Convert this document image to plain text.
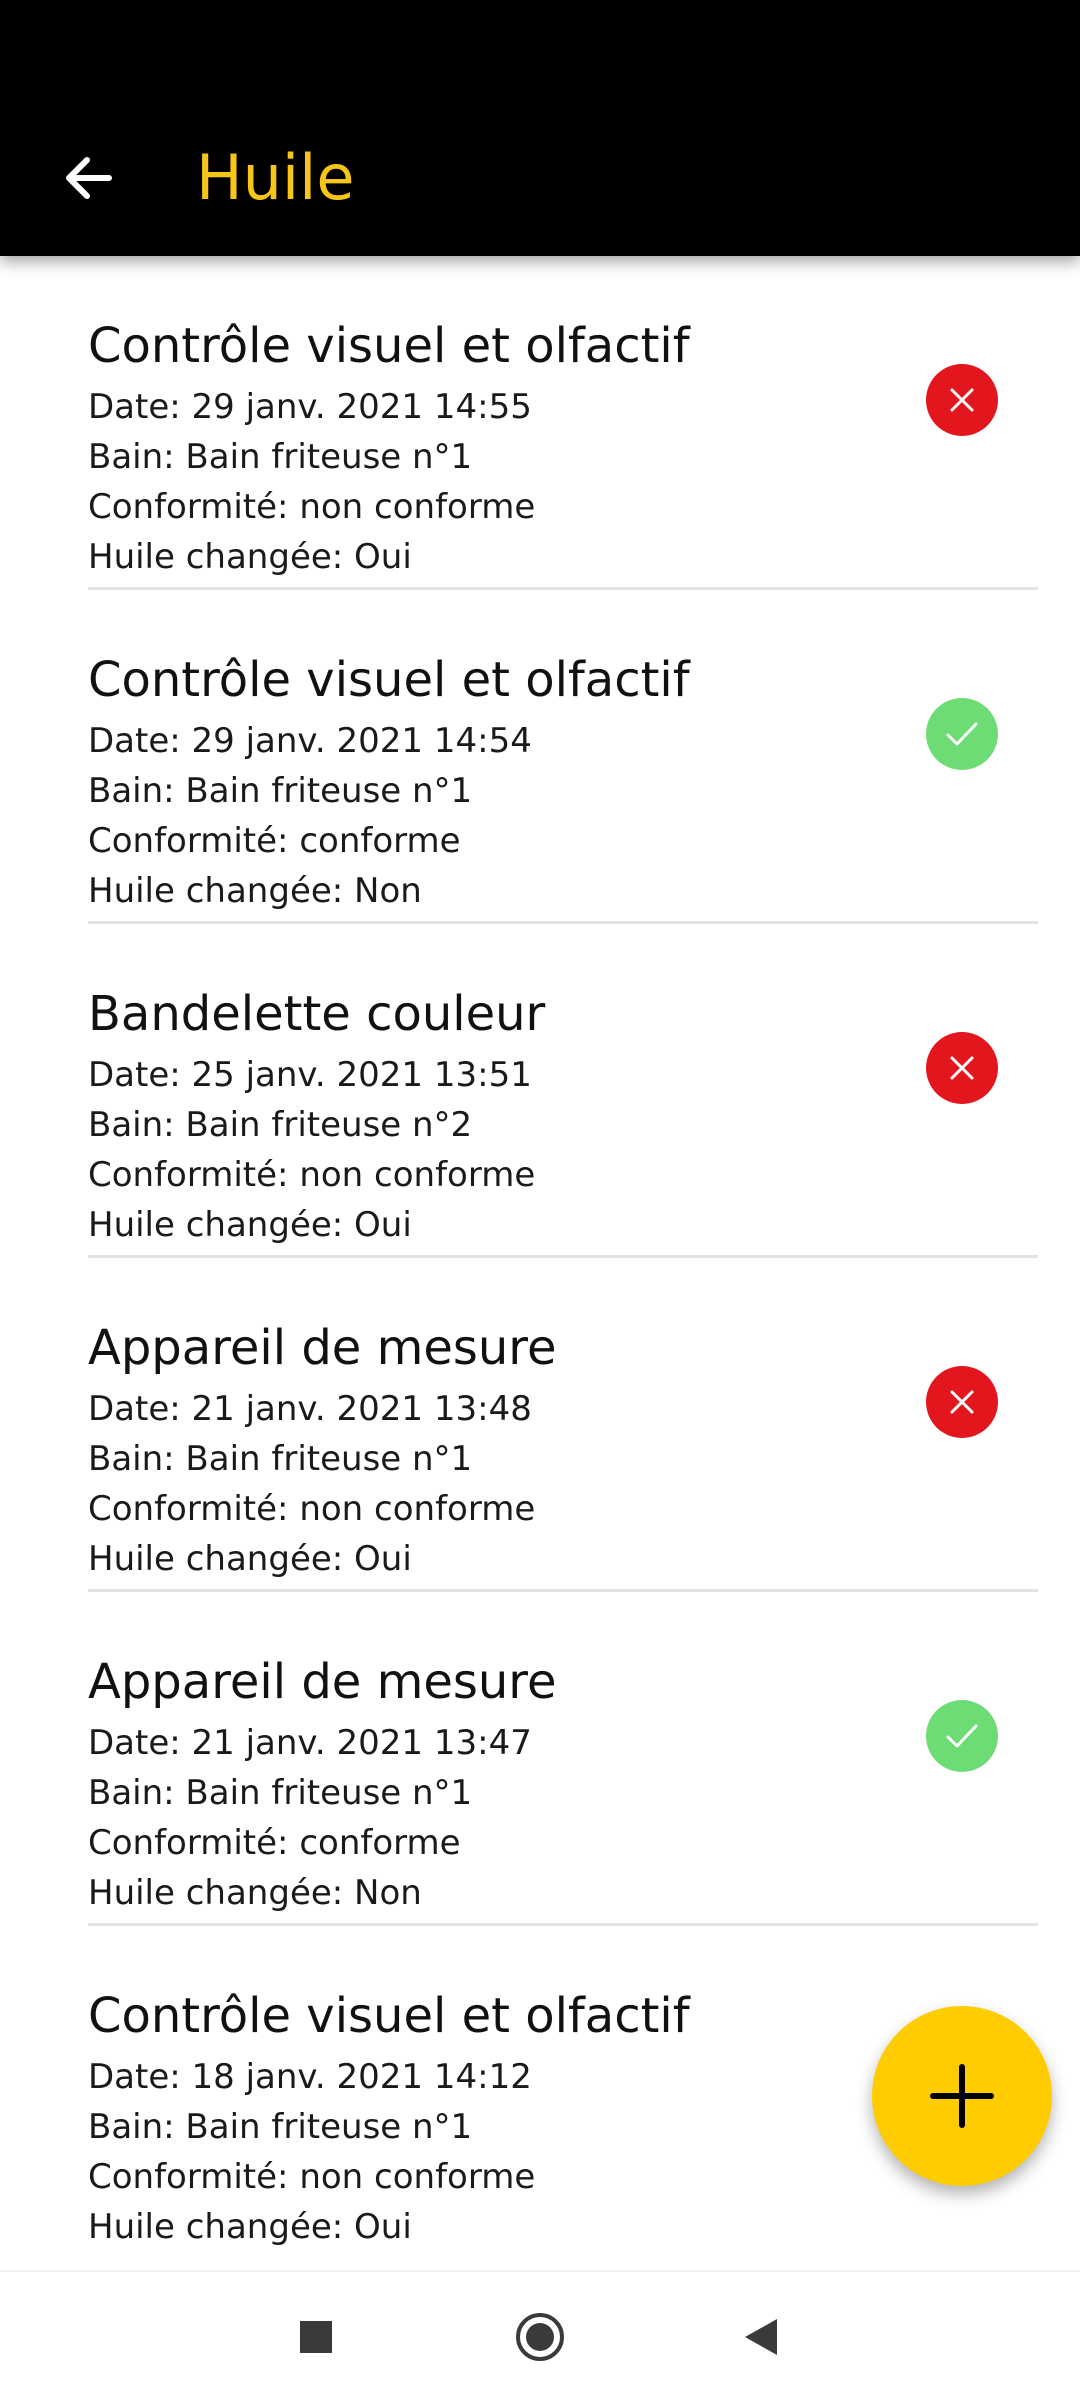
Huile
Contrôle visuel et olfactif
Date: 29 janv. 2021 14:55
Bain: Bain friteuse n°1
Conformité: non conforme
Huile changée: Oui
Contrôle visuel et olfactif
Date: 29 janv. 2021 14:54
Bain: Bain friteuse n°1
Conformité: conforme
Huile changée: Non
Bandelette couleur
Date: 25 janv. 2021 13:51
Bain: Bain friteuse n°2
Conformité: non conforme
Huile changée: Oui
Appareil de mesure
Date: 21 janv. 2021 13:48
Bain: Bain friteuse n°1
Conformité: non conforme
Huile changée: Oui
Appareil de mesure
Date: 21 janv. 2021 13:47
Bain: Bain friteuse n°1
Conformité: conforme
Huile changée: Non
Contrôle visuel et olfactif
Date: 18 janv. 2021 14:12
Bain: Bain friteuse n°1
Conformité: non conforme
Huile changée: Oui
